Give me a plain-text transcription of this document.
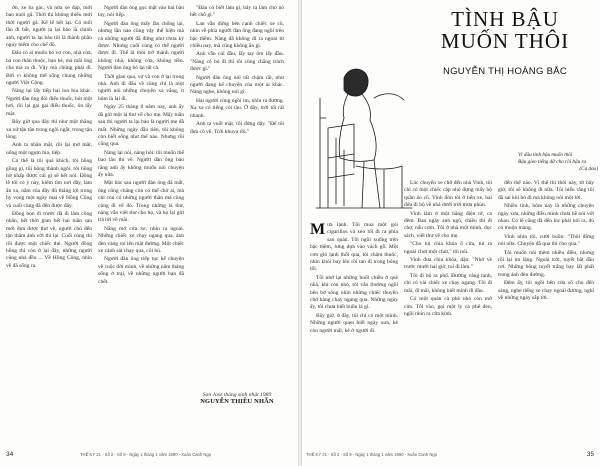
ớn, xe ba gác, và nửa xe đạp, mới bao nuôi gã. Thời thì không thiếu mới thời người gã. Kể lể hết lại. Có mổi lần đi bắt, người ta lại bảo là chính anh, người ta lại bảo tôi là thành phần nguy hiểm cho chế độ.

Đâu có ai muốn bỏ vợ con, nhà cửa, bà con thân thuộc, bạn bè, mà mãi ông cha mà ra đi. Vậy mà chúng phải đi. Bởi vì không thể sống chung những người Việt Cộng.

Nàng lại lấy tiếp hai lon bia khác. Người đàn ông đòi điếu thuốc, hút một hơi, rồi lại gại gại điếu thuốc, ôn lấy mặt.

Bây giờ qua đây thì như một thằng xa xứ tận tận trong ngôi ngắt, trong tận lòng.

Anh ta nhăn mặt, rồi lại mở mắt, uống một ngụm bia, tiếp.

Có thể là tôi quá khích, tôi hồng gồng gì, tôi hồng thành ngôi, tôi hồng hờ nhấp được cái gì sẽ hết nói. Đồng lẽ tôi có ý này, kiểm tìm nơi đây, làm ăn xa, nắm của đây đủ thắng lợi trong hy vọng một ngày mai về Hồng Công và cuối cùng đã đến được đây.

Đồng bọn đi trước đã đi làm công nhân, hết thời gian hết hai tuần sau mới đưa được thư về, người chủ đến tận thăm ánh vời thì lại. Cuối cùng thì rồi được một chiếc thẻ. Người đồng hồng thì còn ở lại đây, những người cùng nhà đều ... Về Hồng Công, nhìn về đã sống ra.

Người đàn ông gục mặt vào hai bàn tay, nói tiếp.

Người đàn ông mấy lần chống lại, nhưng lần nào cũng vậy thể hiện mà cả những người đã đứng như chưa ký được. Nhưng cuối cùng có thể người được đi. Thế là thôi trở thành người không nhà, không cửa, không tiền. Người đàn ông bỏ lại tất cả.

Thời gian qua, vợ và con ở lại trong nhà. Anh đi đâu về cũng chỉ là một người nói những chuyện xa vắng, ít hôm là lại đi.

Ngày 25 tháng 8 năm nay, anh ấy đã gửi một lá thư về cho mẹ. Mấy tuần sau thì người ta lại báo là người mẹ đã mất. Những ngày đầu tiên, tôi không còn biết sống như thế nào. Nhưng rồi cũng qua.

Nàng lại nói, nàng hỏi: tôi muốn thế bao lâu thì về. Người đàn ông bảo rằng anh ấy không muốn nói chuyện ấy nữa.

Mặt bác sau người đàn ông đã mất, ông cũng chẳng còn có thể chờ ai, mà chỉ còn có những người thân mà cũng cùng đi về đó. Trong những lá thư, nàng vẫn viết thư cho họ, và họ lại gửi trả lời về mãi.

Năng mở cửa xe, nhìn ra ngoài. Những chiếc xe chạy ngang qua, ánh đèn vàng rọi lên mặt đường. Một chiếc xe cảnh sát chạy qua, còi hú.

Người đàn ông tiếp tục kể chuyện về cuộc đời mình, về những năm tháng sống ở trại, về những người bạn đã chết.

"Đâu có biết làm gì, bây ra làm cho nó hết chỗ gì."

Lan vẫn đứng bên cạnh chiếc xe cũ, nhìn về phía người đàn ông đang ngồi trên bậc thềm. Nàng đã không đi ra ngoài từ chiều nay, mà cũng không ăn gì.

Anh vẫn cúi đầu, lấy tay ôm lấy đầu. "Nàng có bỏ đi thì tôi cũng chẳng trách được gì."

Người đàn ông nói rất chậm rãi, như người đang kể chuyện của một ai khác. Nàng nghe, không nói gì.

Hai người cùng ngồi im, nhìn ra đường. Xa xa có tiếng còi tàu. Ở đây, trời tối rất nhanh.

Anh ta vuốt mặt, rồi đứng dậy. "Để tôi đưa cô về. Trời khuya rồi."

San Jose tháng sinh nhật 1989
NGUYỄN THIỀU NHẪN
34	THẾ KỶ 21 - Số 2 - Số 9 - Ngày 1 tháng 1 năm 1990 - Xuân Canh Ngọ
TÌNH BẬU
MUỐN THÔI
NGUYỄN THỊ HOÀNG BẮC
Vì đâu tình bậu muốn thôi
Bậu gieo tiếng dữ cho rồi bậu ra
(Ca dao)

Mưa lạnh. Tôi mua một gói cigarillos và xéo lối đi ra phía sau quán. Tôi ngồi xuống trên bậc thềm, lưng dựa vào vách gỗ. Một cơn gió lạnh thổi qua, tôi châm thuốc, nhìn khói bay lên rồi tan đi trong bóng tối.

Tôi nhớ lại những buổi chiều ở quê nhà, khi còn nhỏ, tôi vẫn thường ngồi bên bờ sông nhìn những chiếc thuyền chở hàng chạy ngang qua. Những ngày ấy, tôi chưa biết buồn là gì.

Bây giờ, ở đây, tôi chỉ có một mình. Những người quen biết ngày xưa, kẻ còn người mất, kẻ ở người đi.

Lúc chuyến xe chở đến nhà Vinh, tôi chỉ có một chiếc cặp nhỏ đựng mấy bộ quần áo cũ. Vinh đón tôi ở bến xe, hai đứa đi bộ về nhà dưới trời mưa phùn.

Vinh làm ở một hãng điện tử, ca đêm. Ban ngày anh ngủ, chiều thì đi chợ, nấu cơm. Tôi ở nhà một mình, đọc sách, viết thư về cho mẹ.

"Cho tui chìa khóa ổ cửa, tui ra ngoài chơi một chút," tôi nói.

Vinh đưa chìa khóa, dặn: "Nhớ về trước mười hai giờ, tui đi làm."

Tôi đi bộ ra phố. Đường vắng tanh, chỉ có vài chiếc xe chạy ngang. Tôi đi mãi, đi mãi, không biết mình đi đâu.

Có một quán cà phê nhỏ còn mở cửa. Tôi vào, gọi một ly cà phê đen, ngồi nhìn ra cửa kính.

đến thế nào. Vì thế thì thôi này, từ bây giờ, tôi sẽ không đi nữa. Tôi hiểu rằng tôi đã sai khi bỏ đi mà không nói một lời.

Nhiều tình, hôm nay là những chuyện ngày xưa, những điều mình chưa hề nói với nhau. Có lẽ cũng đã đến lúc phải nói ra, dù có muộn màng.

Vinh nhìn tôi, cười buồn: "Thôi đừng nói nữa. Chuyện đã qua thì cho qua."

Tôi muốn nói thêm nhiều điều, nhưng rồi lại im lặng. Ngoài trời, tuyết bắt đầu rơi. Những bông tuyết trắng bay lất phất trong ánh đèn đường.

Đêm ấy, tôi ngồi bên cửa sổ cho đến sáng, nghe tiếng xe chạy ngoài đường, nghĩ về những ngày sắp tới.

THẾ KỶ 21 - Số 2 - Số 9 - Ngày 1 tháng 1 năm 1990 - Xuân Canh Ngọ	35
